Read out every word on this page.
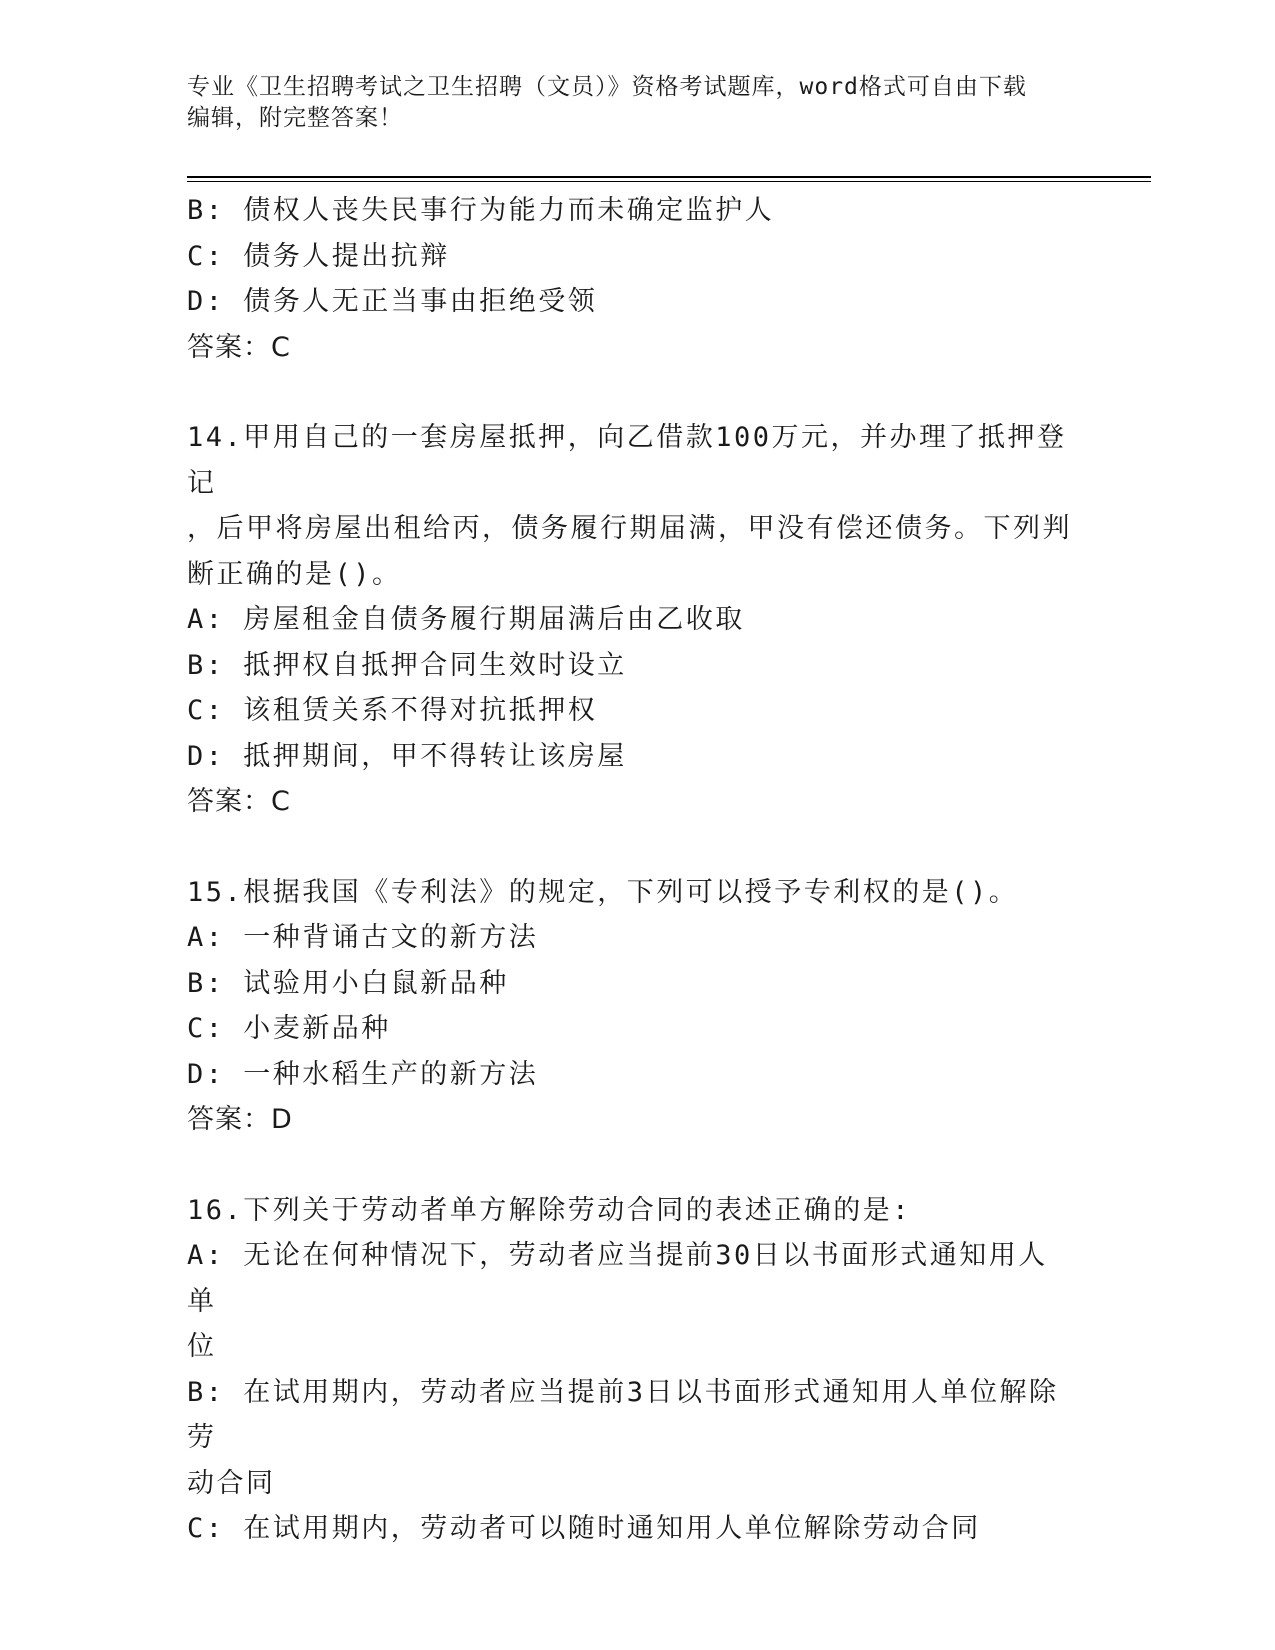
专业《卫生招聘考试之卫生招聘（文员）》资格考试题库，word格式可自由下载
编辑，附完整答案！
B: 债权人丧失民事行为能力而未确定监护人
C: 债务人提出抗辩
D: 债务人无正当事由拒绝受领
答案：C
14.甲用自己的一套房屋抵押，向乙借款100万元，并办理了抵押登记
，后甲将房屋出租给丙，债务履行期届满，甲没有偿还债务。下列判
断正确的是()。
A: 房屋租金自债务履行期届满后由乙收取
B: 抵押权自抵押合同生效时设立
C: 该租赁关系不得对抗抵押权
D: 抵押期间，甲不得转让该房屋
答案：C
15.根据我国《专利法》的规定，下列可以授予专利权的是()。
A: 一种背诵古文的新方法
B: 试验用小白鼠新品种
C: 小麦新品种
D: 一种水稻生产的新方法
答案：D
16.下列关于劳动者单方解除劳动合同的表述正确的是:
A: 无论在何种情况下，劳动者应当提前30日以书面形式通知用人单
位
B: 在试用期内，劳动者应当提前3日以书面形式通知用人单位解除劳
动合同
C: 在试用期内，劳动者可以随时通知用人单位解除劳动合同
